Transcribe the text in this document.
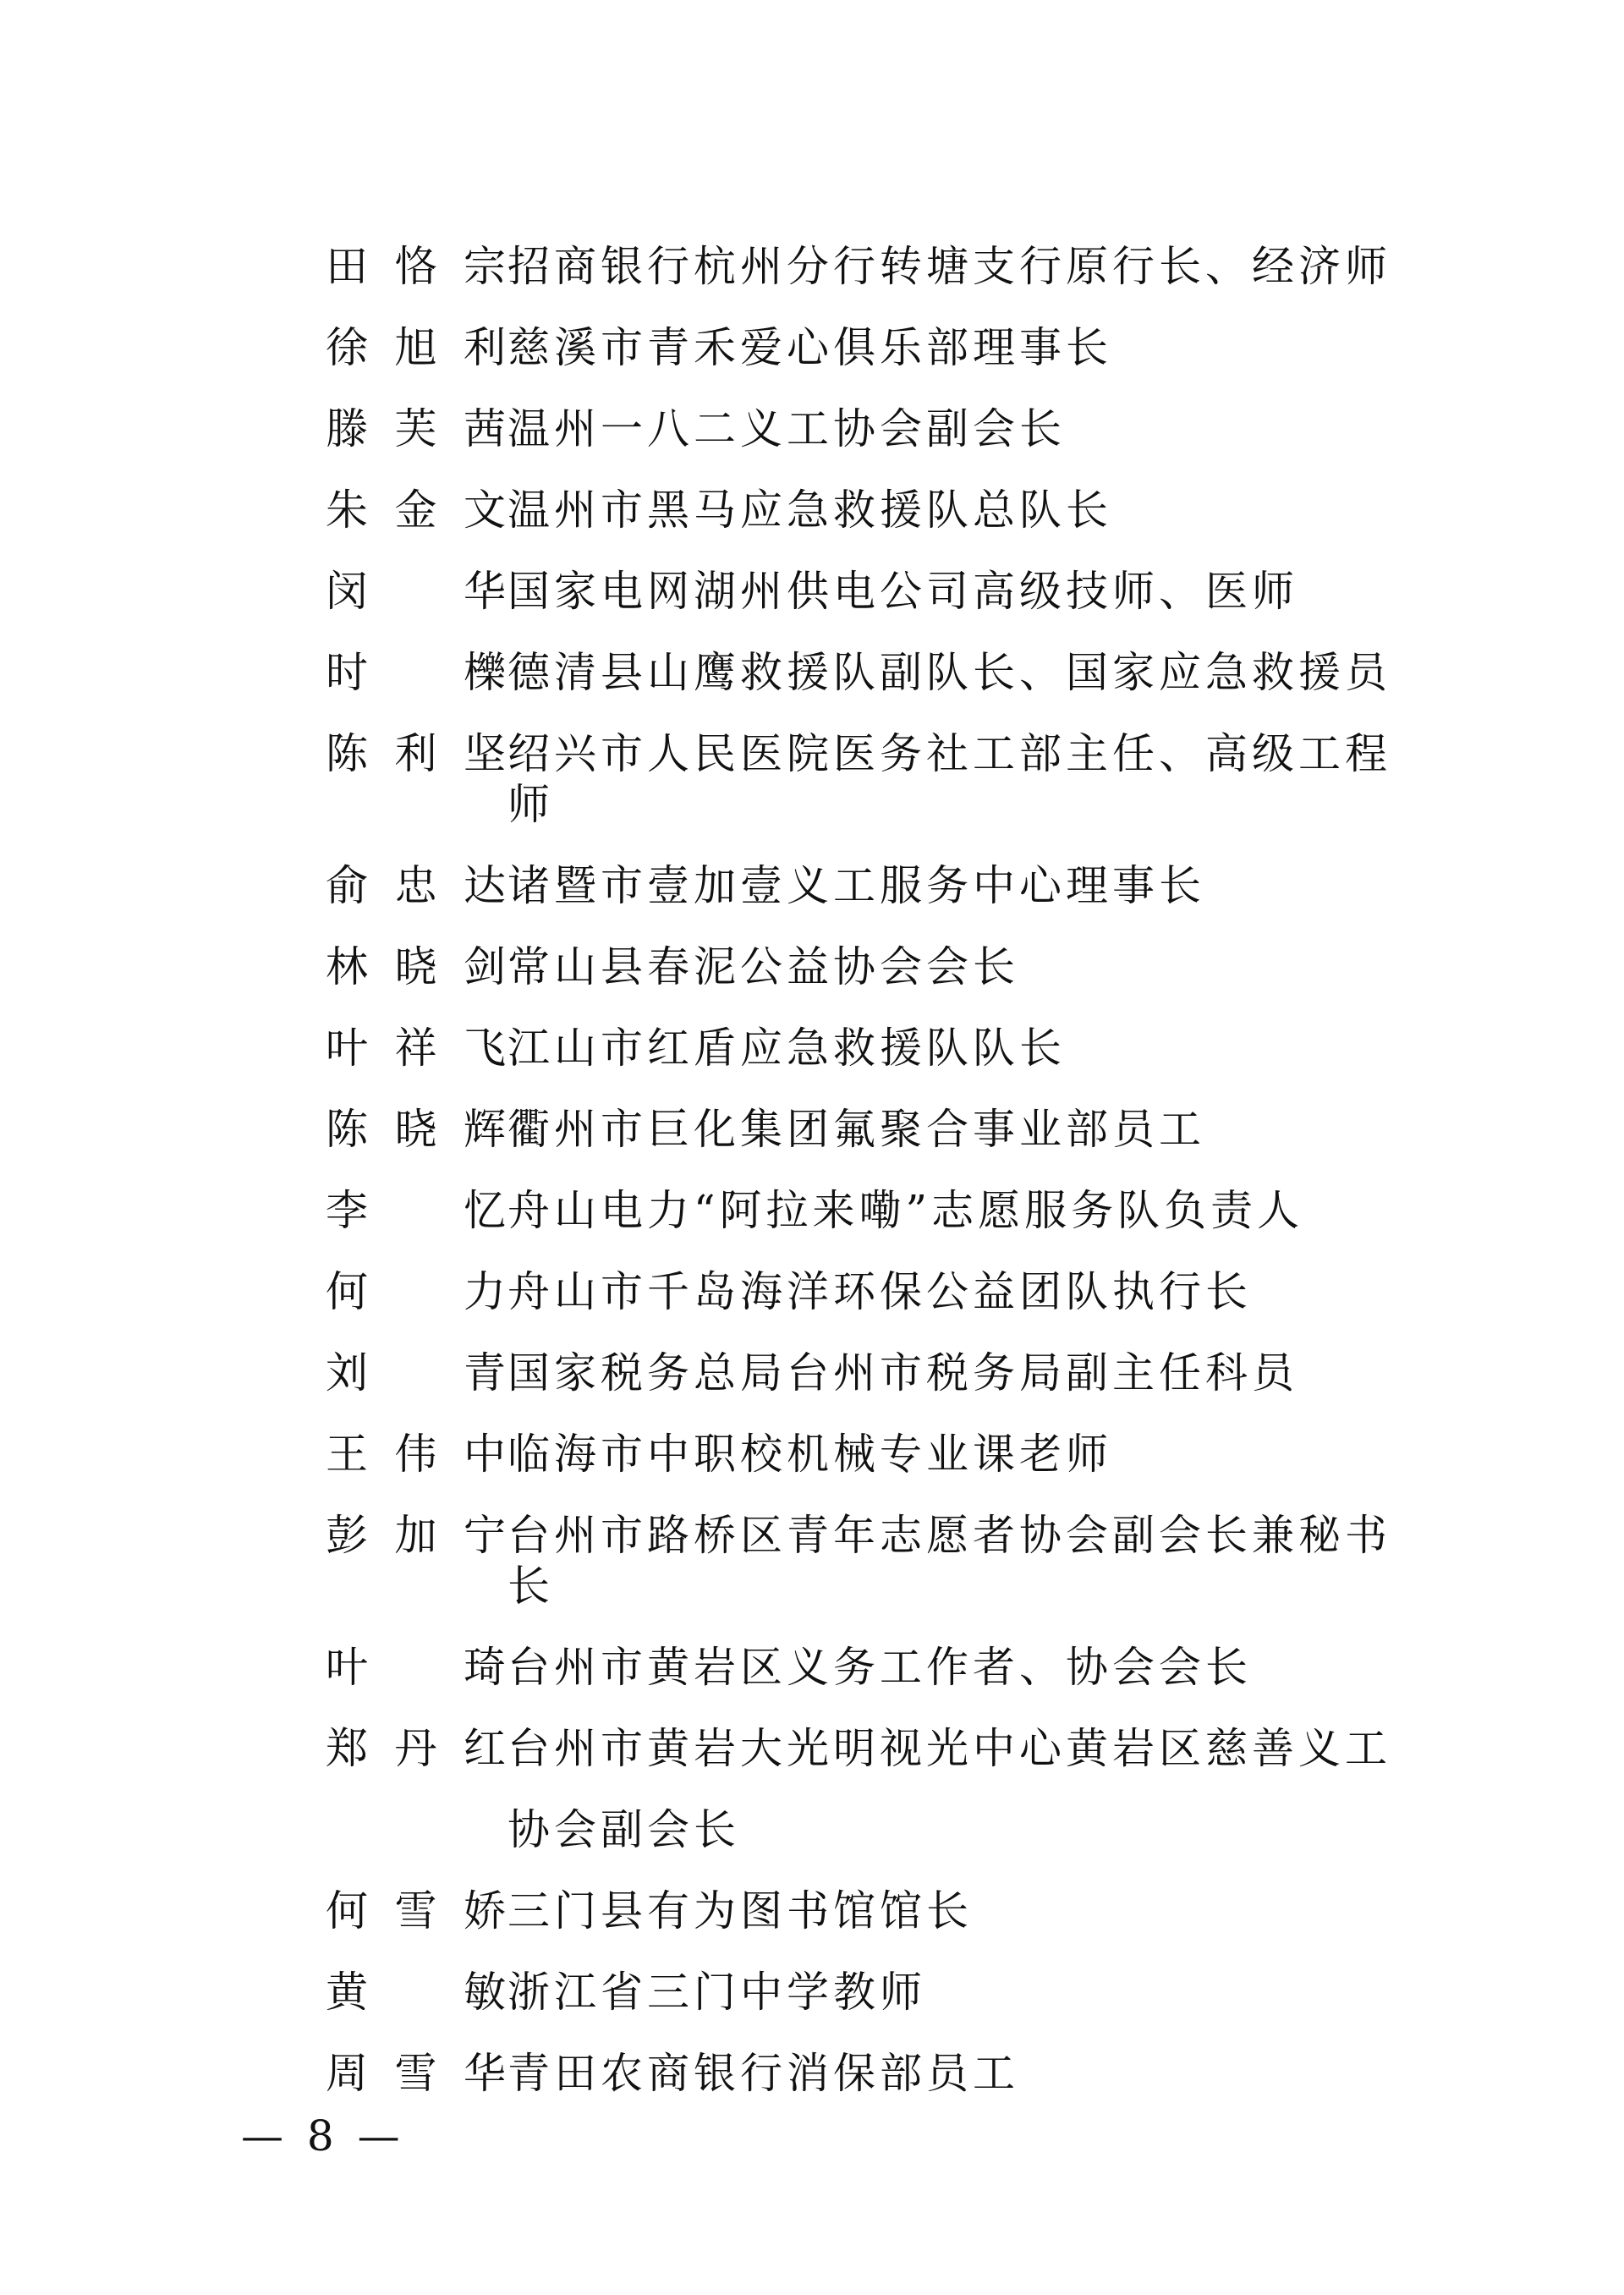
田恪宗 招商银行杭州分行转塘支行原行长、经济师
徐旭利 慈溪市青禾爱心俱乐部理事长
滕芙茜 温州一八二义工协会副会长
朱金文 温州市黑马应急救援队总队长
闵华 国家电网湖州供电公司高级技师、医师
时櫟 德清县山鹰救援队副队长、国家应急救援员
陈利坚 绍兴市人民医院医务社工部主任、高级工程师
俞忠达 诸暨市壹加壹义工服务中心理事长
林晓剑 常山县春泥公益协会会长
叶祥飞 江山市红盾应急救援队队长
陈晓辉 衢州市巨化集团氟聚合事业部员工
李忆 舟山电力“阿拉来嘞”志愿服务队负责人
何力 舟山市千岛海洋环保公益团队执行长
刘青 国家税务总局台州市税务局副主任科员
王伟中 临海市中职校机械专业课老师
彭加宁 台州市路桥区青年志愿者协会副会长兼秘书长
叶琦 台州市黄岩区义务工作者、协会会长
郑丹红 台州市黄岩大光明视光中心黄岩区慈善义工
协会副会长
何雪娇 三门县有为图书馆馆长
黄敏 浙江省三门中学教师
周雪华 青田农商银行消保部员工
— 8 —
